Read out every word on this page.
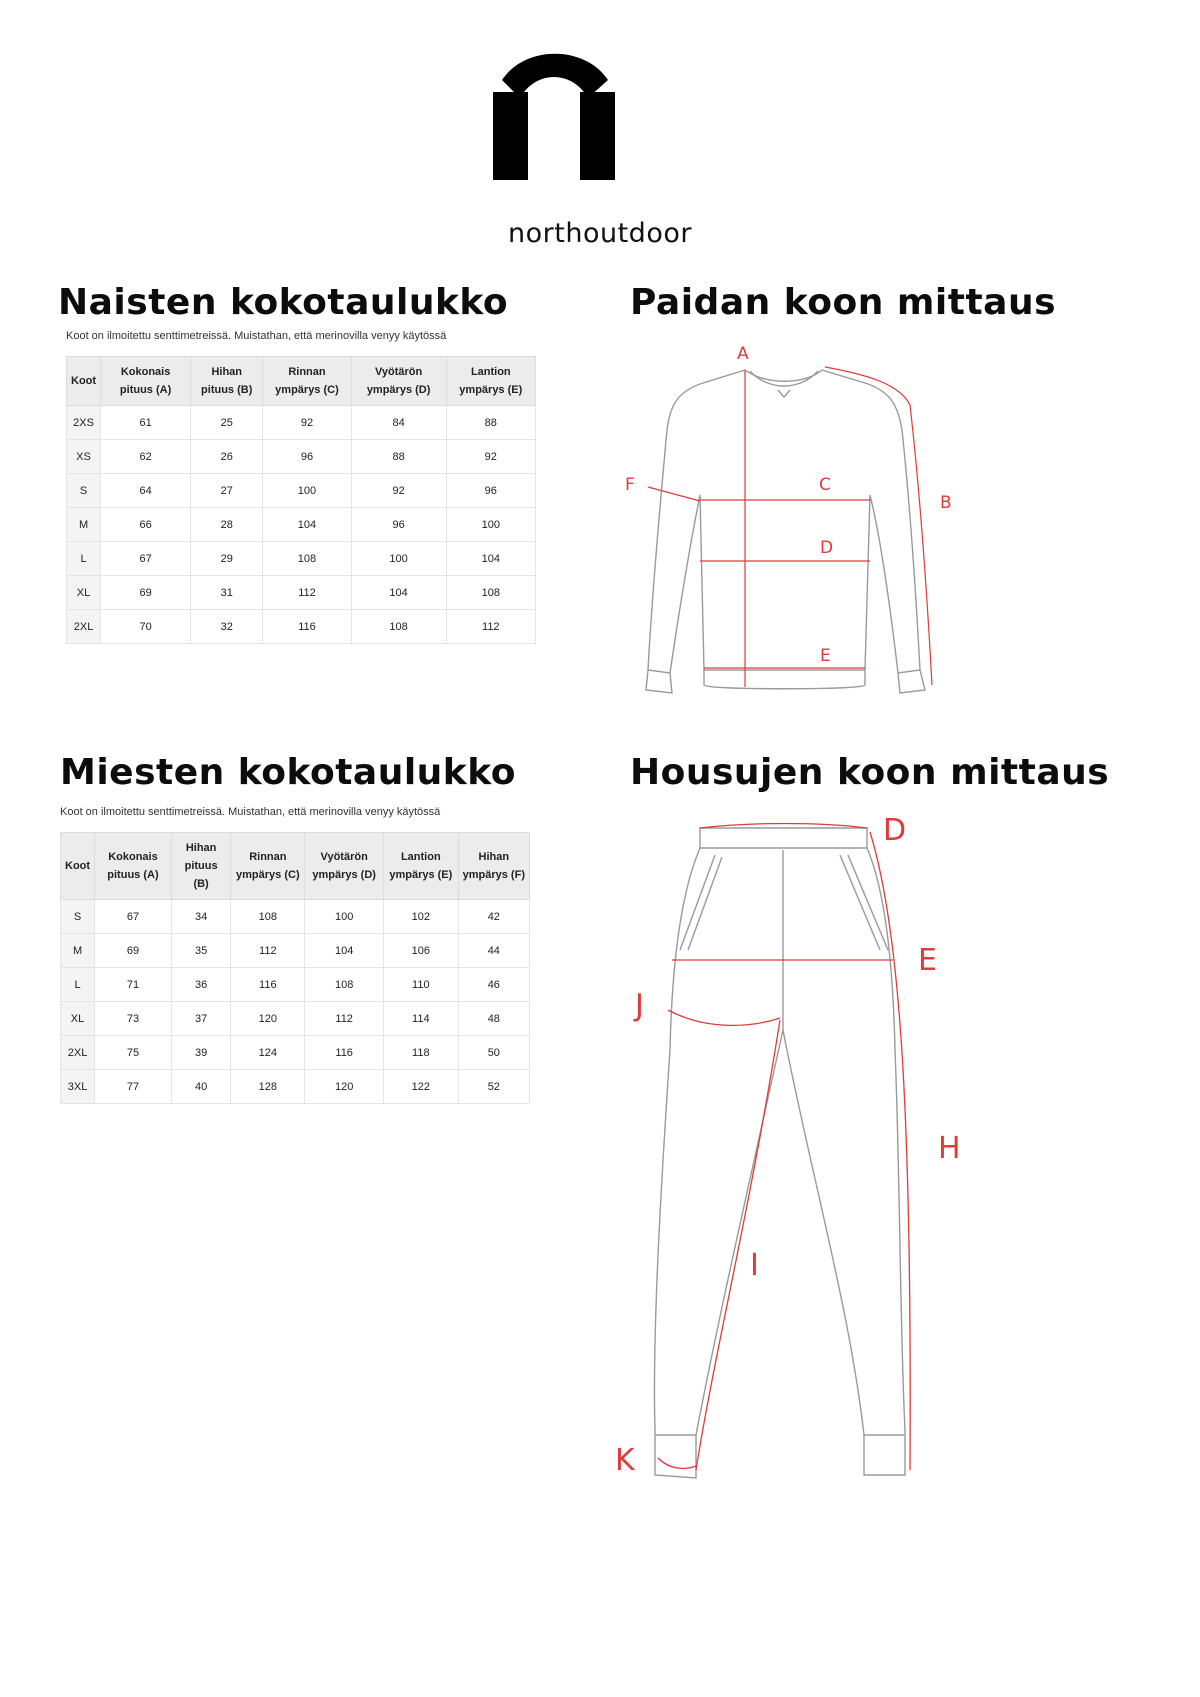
northoutdoor
Naisten kokotaulukko
Koot on ilmoitettu senttimetreissä. Muistathan, että merinovilla venyy käytössä
Koot	Kokonais pituus (A)	Hihan pituus (B)	Rinnan ympärys (C)	Vyötärön ympärys (D)	Lantion ympärys (E)
2XS	61	25	92	84	88
XS	62	26	96	88	92
S	64	27	100	92	96
M	66	28	104	96	100
L	67	29	108	100	104
XL	69	31	112	104	108
2XL	70	32	116	108	112
Miesten kokotaulukko
Koot on ilmoitettu senttimetreissä. Muistathan, että merinovilla venyy käytössä
Koot	Kokonais pituus (A)	Hihan pituus (B)	Rinnan ympärys (C)	Vyötärön ympärys (D)	Lantion ympärys (E)	Hihan ympärys (F)
S	67	34	108	100	102	42
M	69	35	112	104	106	44
L	71	36	116	108	110	46
XL	73	37	120	112	114	48
2XL	75	39	124	116	118	50
3XL	77	40	128	120	122	52
Paidan koon mittaus
A
B
C
D
E
F
Housujen koon mittaus
D
E
J
H
I
K
